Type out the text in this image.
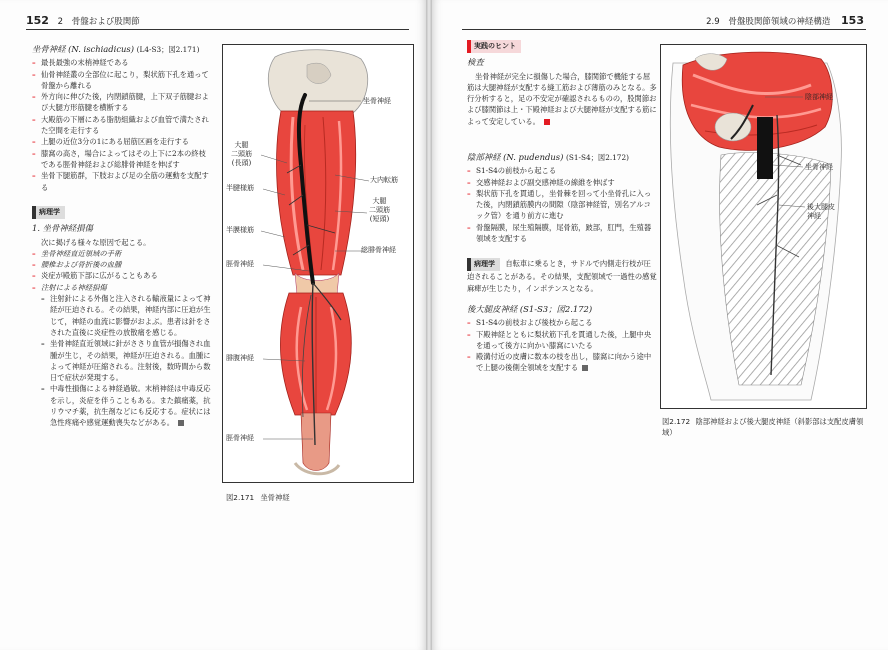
152 2 骨盤および股関節
坐骨神経 (N. ischiadicus) (L4-S3；図2.171)
– 最長最強の末梢神経である
– 仙骨神経叢の全部位に起こり，梨状筋下孔を通って骨盤から離れる
– 外方向に伸びた後，内閉鎖筋腱，上下双子筋腱および大腿方形筋腱を横断する
– 大殿筋の下層にある脂肪組織および血管で満たされた空間を走行する
– 上腿の近位3分の1にある屈筋区画を走行する
– 膝窩の高さ，場合によってはその上下に2本の終枝である脛骨神経および総腓骨神経を伸ばす
– 坐骨下腿筋群，下肢および足の全筋の運動を支配する
病理学
1. 坐骨神経損傷
次に掲げる様々な原因で起こる。
– 坐骨神経直近領域の手術
– 腰椎および骨折後の血腫
– 炎症が殿筋下部に広がることもある
– 注射による神経損傷
– 注射針による外傷と注入される輸液量によって神経が圧迫される。その結果，神経内部に圧迫が生じて，神経の血流に影響がおよぶ。患者は針をさされた直後に炎症性の放散痛を感じる。
– 坐骨神経直近領域に針がささり血管が損傷され血腫が生じ，その結果，神経が圧迫される。血腫によって神経が圧縮される。注射後，数時間から数日で症状が発現する。
– 中毒性損傷による神経過敏。末梢神経は中毒反応を示し，炎症を伴うこともある。また鎮痛薬，抗リウマチ薬，抗生剤などにも反応する。症状には急性疼痛や感覚運動喪失などがある。
坐骨神経
大腿
二頭筋
(長頭)
大内転筋
半腱様筋
大腿
二頭筋
(短頭)
半膜様筋
総腓骨神経
脛骨神経
腓腹神経
脛骨神経
図2.171 坐骨神経
2.9 骨盤股関節領域の神経構造 153
実践のヒント
検査
坐骨神経が完全に損傷した場合，膝関節で機能する屈筋は大腿神経が支配する縫工筋および薄筋のみとなる。多行分析すると，足の不安定が確認されるものの，股関節および膝関節は上・下殿神経および大腿神経が支配する筋によって安定している。
陰部神経 (N. pudendus) (S1-S4；図2.172)
– S1-S4の前枝から起こる
– 交感神経および副交感神経の線維を伸ばす
– 梨状筋下孔を貫通し，坐骨棘を回って小坐骨孔に入った後，内閉鎖筋膜内の間隙（陰部神経管，別名アルコック管）を通り前方に進む
– 骨盤隔膜，尿生殖隔膜，尾骨筋，跛部，肛門，生殖器領域を支配する
病理学 自転車に乗るとき，サドルで内側走行枝が圧迫されることがある。その結果，支配領域で一過性の感覚麻痺が生じたり，インポテンスとなる。
後大腿皮神経 (S1-S3；図2.172)
– S1-S4の前枝および後枝から起こる
– 下殿神経とともに梨状筋下孔を貫通した後，上腿中央を通って後方に向かい膝窩にいたる
– 殿溝付近の皮膚に数本の枝を出し，膝窩に向かう途中で上腿の後側全領域を支配する
陰部神経
坐骨神経
後大腿皮
神経
図2.172 陰部神経および後大腿皮神経（斜影部は支配皮膚領域）
